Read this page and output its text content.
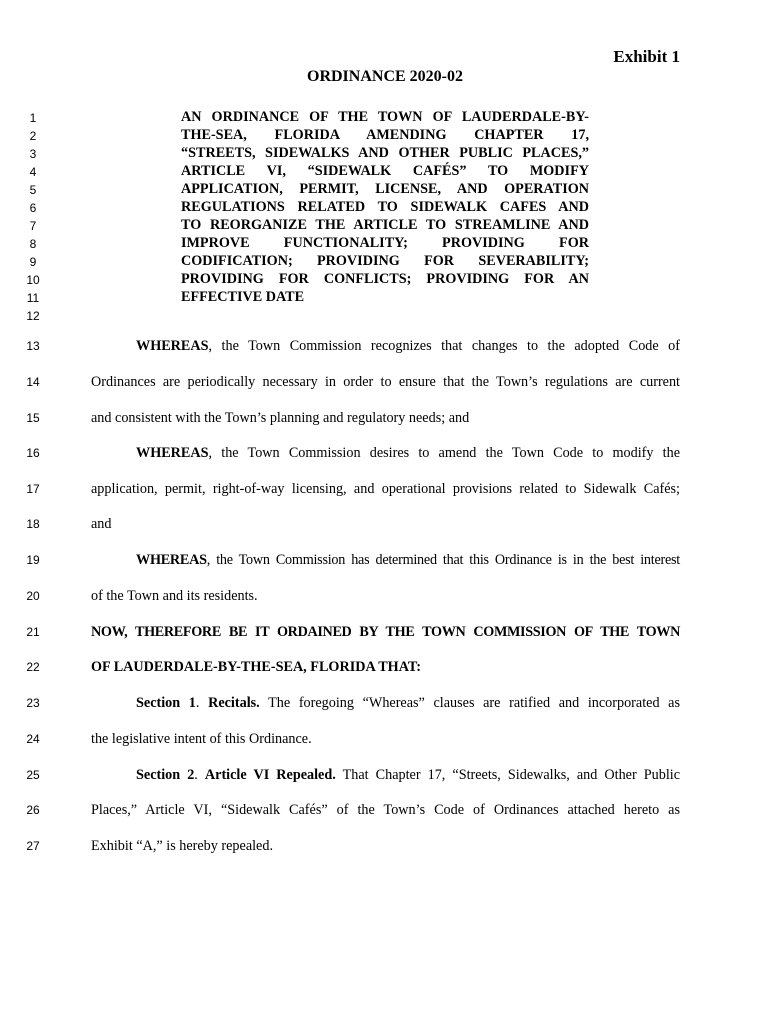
Exhibit 1
ORDINANCE 2020-02
1
2
3
4
5
6
7
8
9
10
11
12
13
14
15
16
17
18
19
20
21
22
23
24
25
26
27
AN ORDINANCE OF THE TOWN OF LAUDERDALE-BY-
THE-SEA, FLORIDA AMENDING CHAPTER 17,
“STREETS, SIDEWALKS AND OTHER PUBLIC PLACES,”
ARTICLE VI, “SIDEWALK CAFÉS” TO MODIFY
APPLICATION, PERMIT, LICENSE, AND OPERATION
REGULATIONS RELATED TO SIDEWALK CAFES AND
TO REORGANIZE THE ARTICLE TO STREAMLINE AND
IMPROVE FUNCTIONALITY; PROVIDING FOR
CODIFICATION; PROVIDING FOR SEVERABILITY;
PROVIDING FOR CONFLICTS; PROVIDING FOR AN
EFFECTIVE DATE
WHEREAS, the Town Commission recognizes that changes to the adopted Code of
Ordinances are periodically necessary in order to ensure that the Town’s regulations are current
and consistent with the Town’s planning and regulatory needs; and
WHEREAS, the Town Commission desires to amend the Town Code to modify the
application, permit, right-of-way licensing, and operational provisions related to Sidewalk Cafés;
and
WHEREAS, the Town Commission has determined that this Ordinance is in the best interest
of the Town and its residents.
NOW, THEREFORE BE IT ORDAINED BY THE TOWN COMMISSION OF THE TOWN
OF LAUDERDALE-BY-THE-SEA, FLORIDA THAT:
Section 1. Recitals. The foregoing “Whereas” clauses are ratified and incorporated as
the legislative intent of this Ordinance.
Section 2. Article VI Repealed. That Chapter 17, “Streets, Sidewalks, and Other Public
Places,” Article VI, “Sidewalk Cafés” of the Town’s Code of Ordinances attached hereto as
Exhibit “A,” is hereby repealed.
